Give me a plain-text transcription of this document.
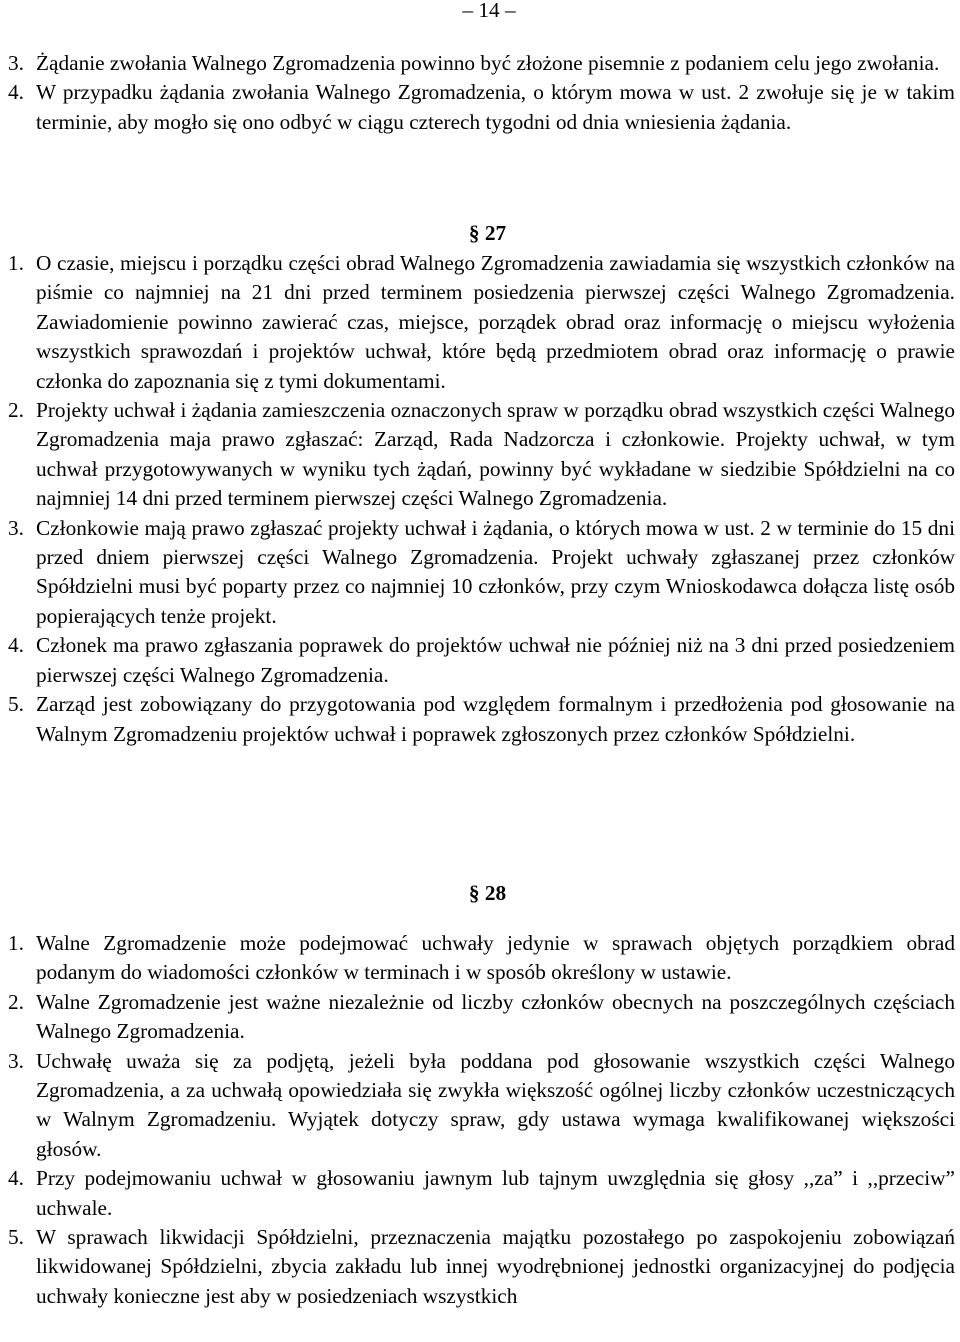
– 14 –
3. Żądanie zwołania Walnego Zgromadzenia powinno być złożone pisemnie z podaniem celu jego zwołania.
4. W przypadku żądania zwołania Walnego Zgromadzenia, o którym mowa w ust. 2 zwołuje się je w takim terminie, aby mogło się ono odbyć w ciągu czterech tygodni od dnia wniesienia żądania.
§ 27
1. O czasie, miejscu i porządku części obrad Walnego Zgromadzenia zawiadamia się wszystkich członków na piśmie co najmniej na 21 dni przed terminem posiedzenia pierwszej części Walnego Zgromadzenia. Zawiadomienie powinno zawierać czas, miejsce, porządek obrad oraz informację o miejscu wyłożenia wszystkich sprawozdań i projektów uchwał, które będą przedmiotem obrad oraz informację o prawie członka do zapoznania się z tymi dokumentami.
2. Projekty uchwał i żądania zamieszczenia oznaczonych spraw w porządku obrad wszystkich części Walnego Zgromadzenia maja prawo zgłaszać: Zarząd, Rada Nadzorcza i członkowie. Projekty uchwał, w tym uchwał przygotowywanych w wyniku tych żądań, powinny być wykładane w siedzibie Spółdzielni na co najmniej 14 dni przed terminem pierwszej części Walnego Zgromadzenia.
3. Członkowie mają prawo zgłaszać projekty uchwał i żądania, o których mowa w ust. 2 w terminie do 15 dni przed dniem pierwszej części Walnego Zgromadzenia. Projekt uchwały zgłaszanej przez członków Spółdzielni musi być poparty przez co najmniej 10 członków, przy czym Wnioskodawca dołącza listę osób popierających tenże projekt.
4. Członek ma prawo zgłaszania poprawek do projektów uchwał nie później niż na 3 dni przed posiedzeniem pierwszej części Walnego Zgromadzenia.
5. Zarząd jest zobowiązany do przygotowania pod względem formalnym i przedłożenia pod głosowanie na Walnym Zgromadzeniu projektów uchwał i poprawek zgłoszonych przez członków Spółdzielni.
§ 28
1. Walne Zgromadzenie może podejmować uchwały jedynie w sprawach objętych porządkiem obrad podanym do wiadomości członków w terminach i w sposób określony w ustawie.
2. Walne Zgromadzenie jest ważne niezależnie od liczby członków obecnych na poszczególnych częściach Walnego Zgromadzenia.
3. Uchwałę uważa się za podjętą, jeżeli była poddana pod głosowanie wszystkich części Walnego Zgromadzenia, a za uchwałą opowiedziała się zwykła większość ogólnej liczby członków uczestniczących w Walnym Zgromadzeniu. Wyjątek dotyczy spraw, gdy ustawa wymaga kwalifikowanej większości głosów.
4. Przy podejmowaniu uchwał w głosowaniu jawnym lub tajnym uwzględnia się głosy ,,za” i ,,przeciw” uchwale.
5. W sprawach likwidacji Spółdzielni, przeznaczenia majątku pozostałego po zaspokojeniu zobowiązań likwidowanej Spółdzielni, zbycia zakładu lub innej wyodrębnionej jednostki organizacyjnej do podjęcia uchwały konieczne jest aby w posiedzeniach wszystkich
